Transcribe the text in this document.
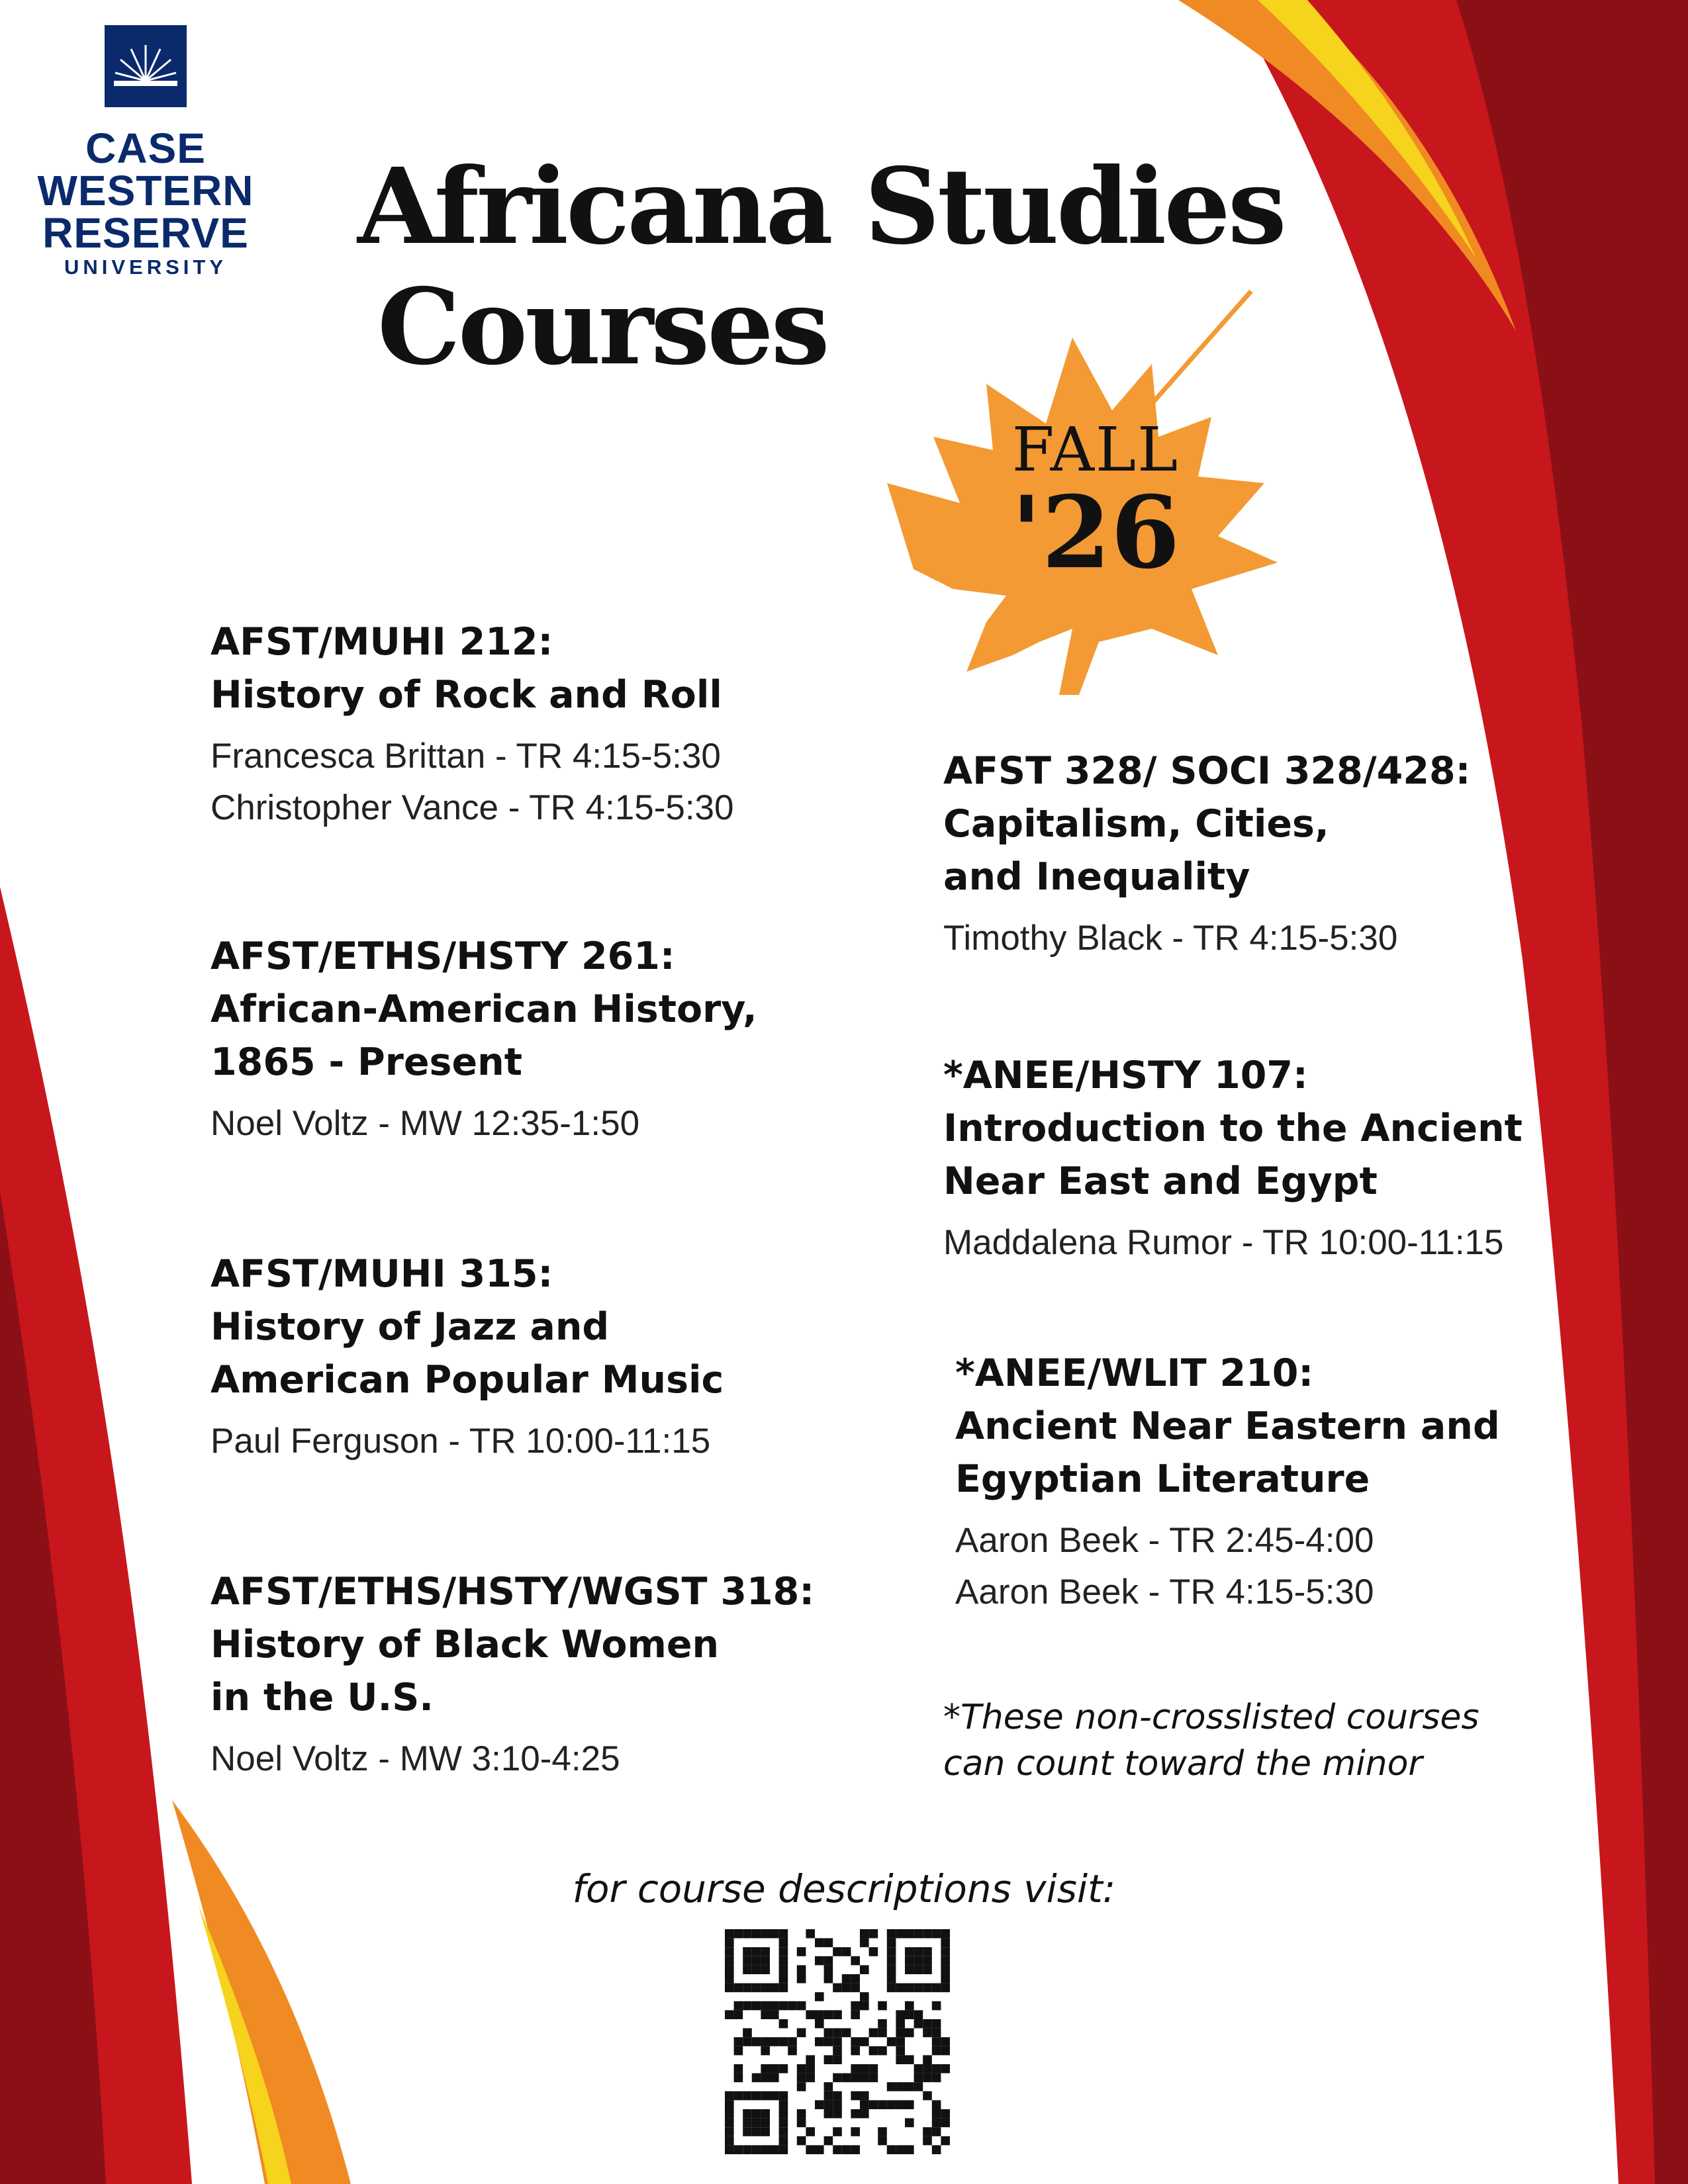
CASE
WESTERN
RESERVE
UNIVERSITY	Africana Studies
Courses
FALL
'26
AFST/MUHI 212:
History of Rock and Roll
Francesca Brittan - TR 4:15-5:30
Christopher Vance - TR 4:15-5:30
AFST/ETHS/HSTY 261:
African-American History,
1865 - Present
Noel Voltz - MW 12:35-1:50
AFST/MUHI 315:
History of Jazz and
American Popular Music
Paul Ferguson - TR 10:00-11:15
AFST/ETHS/HSTY/WGST 318:
History of Black Women
in the U.S.
Noel Voltz - MW 3:10-4:25
AFST 328/ SOCI 328/428:
Capitalism, Cities,
and Inequality
Timothy Black - TR 4:15-5:30
*ANEE/HSTY 107:
Introduction to the Ancient
Near East and Egypt
Maddalena Rumor - TR 10:00-11:15
*ANEE/WLIT 210:
Ancient Near Eastern and
Egyptian Literature
Aaron Beek - TR 2:45-4:00
Aaron Beek - TR 4:15-5:30
*These non-crosslisted courses
can count toward the minor
for course descriptions visit:
